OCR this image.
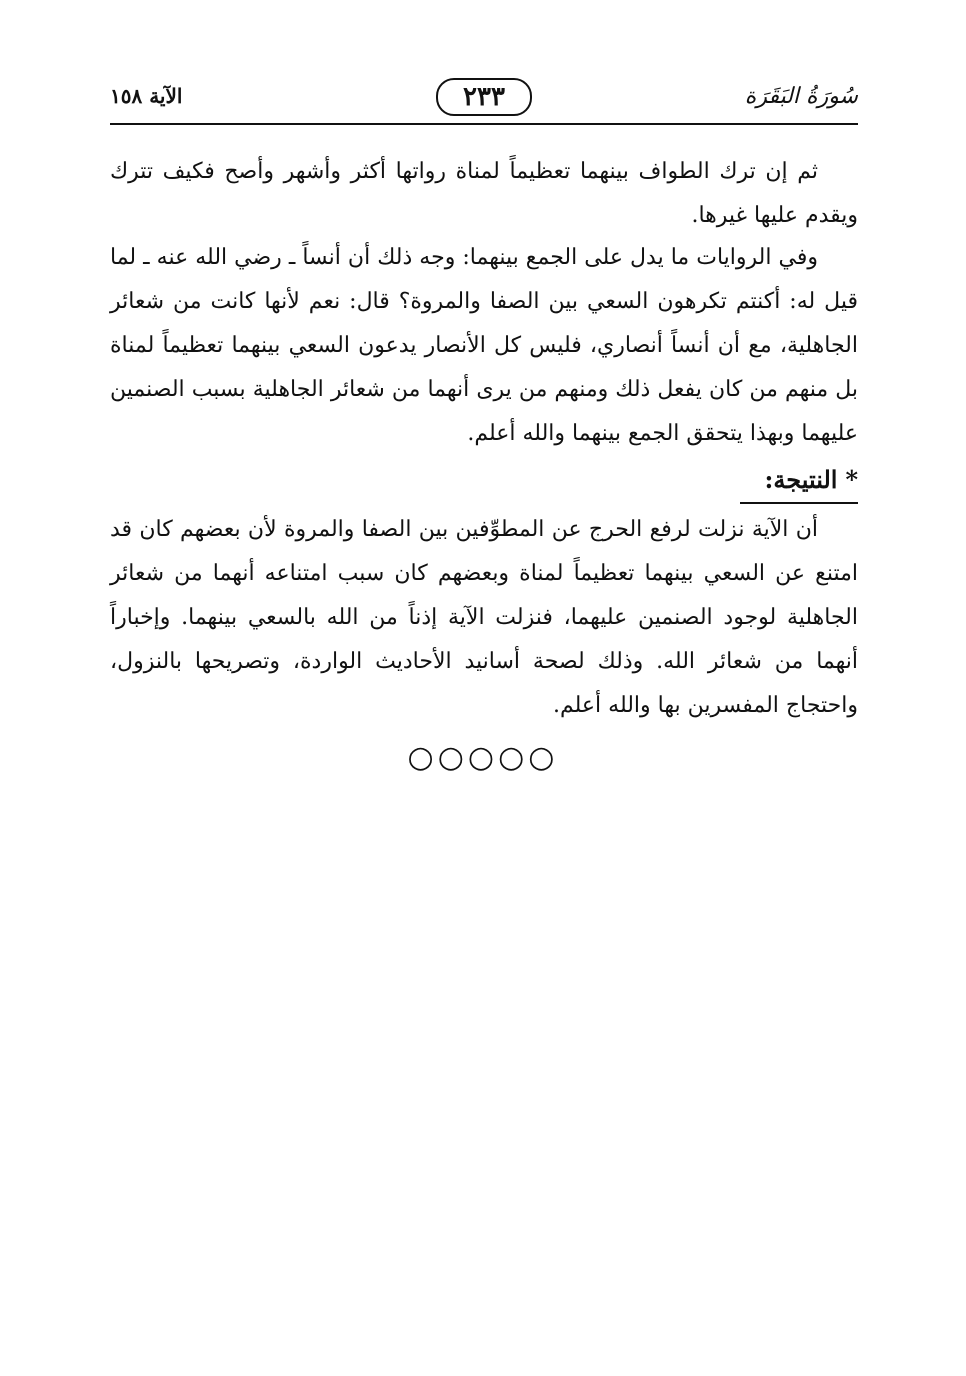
سُورَةُ البَقَرَة
٢٣٣
الآية ١٥٨

ثم إن ترك الطواف بينهما تعظيماً لمناة رواتها أكثر وأشهر وأصح فكيف تترك ويقدم عليها غيرها.

وفي الروايات ما يدل على الجمع بينهما: وجه ذلك أن أنساً ـ رضي الله عنه ـ لما قيل له: أكنتم تكرهون السعي بين الصفا والمروة؟ قال: نعم لأنها كانت من شعائر الجاهلية، مع أن أنساً أنصاري، فليس كل الأنصار يدعون السعي بينهما تعظيماً لمناة بل منهم من كان يفعل ذلك ومنهم من يرى أنهما من شعائر الجاهلية بسبب الصنمين عليهما وبهذا يتحقق الجمع بينهما والله أعلم.

*النتيجة:

أن الآية نزلت لرفع الحرج عن المطوِّفين بين الصفا والمروة لأن بعضهم كان قد امتنع عن السعي بينهما تعظيماً لمناة وبعضهم كان سبب امتناعه أنهما من شعائر الجاهلية لوجود الصنمين عليهما، فنزلت الآية إذناً من الله بالسعي بينهما. وإخباراً أنهما من شعائر الله. وذلك لصحة أسانيد الأحاديث الواردة، وتصريحها بالنزول، واحتجاج المفسرين بها والله أعلم.

○○○○○
